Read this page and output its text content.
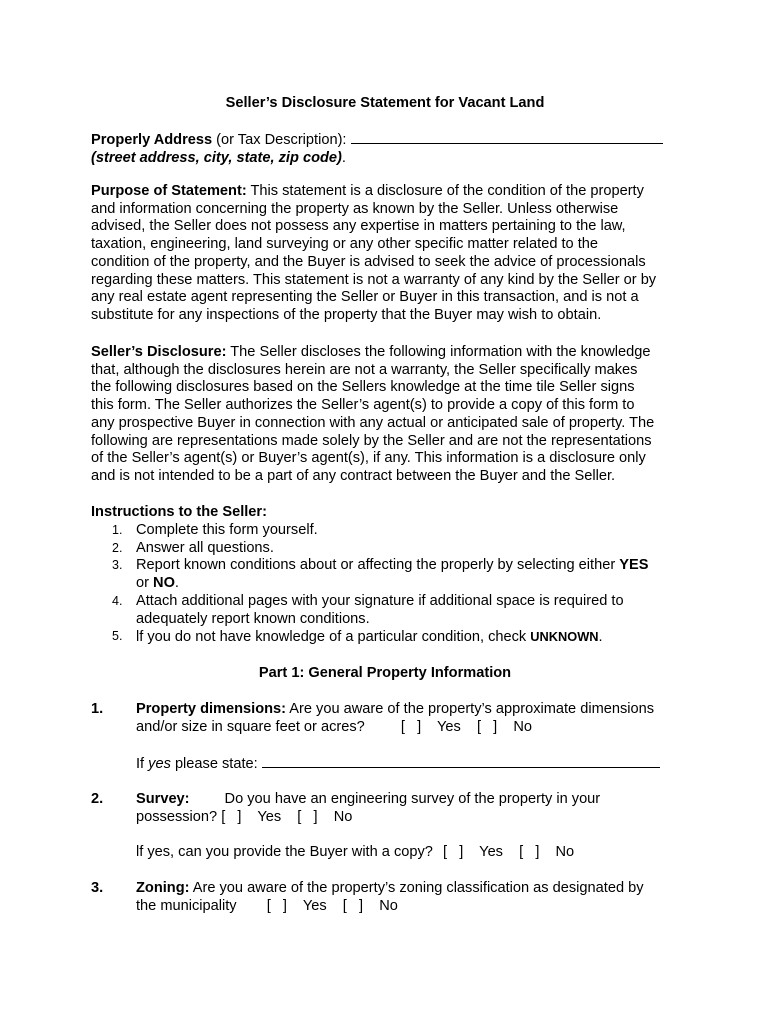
Seller’s Disclosure Statement for Vacant Land

Properly Address (or Tax Description):
(street address, city, state, zip code).
Purpose of Statement: This statement is a disclosure of the condition of the property
and information concerning the property as known by the Seller. Unless otherwise
advised, the Seller does not possess any expertise in matters pertaining to the law,
taxation, engineering, land surveying or any other specific matter related to the
condition of the property, and the Buyer is advised to seek the advice of processionals
regarding these matters. This statement is not a warranty of any kind by the Seller or by
any real estate agent representing the Seller or Buyer in this transaction, and is not a
substitute for any inspections of the property that the Buyer may wish to obtain.
Seller’s Disclosure: The Seller discloses the following information with the knowledge
that, although the disclosures herein are not a warranty, the Seller specifically makes
the following disclosures based on the Sellers knowledge at the time tile Seller signs
this form. The Seller authorizes the Seller’s agent(s) to provide a copy of this form to
any prospective Buyer in connection with any actual or anticipated sale of property. The
following are representations made solely by the Seller and are not the representations
of the Seller’s agent(s) or Buyer’s agent(s), if any. This information is a disclosure only
and is not intended to be a part of any contract between the Buyer and the Seller.
Instructions to the Seller:
1. Complete this form yourself.
2. Answer all questions.
3. Report known conditions about or affecting the properly by selecting either YES
or NO.
4. Attach additional pages with your signature if additional space is required to
adequately report known conditions.
5. lf you do not have knowledge of a particular condition, check UNKNOWN.

Part 1: General Property Information

1. Property dimensions: Are you aware of the property’s approximate dimensions
and/or size in square feet or acres? [   ] Yes [   ] No
If yes please state:
2. Survey: Do you have an engineering survey of the property in your
possession? [   ] Yes [   ] No
lf yes, can you provide the Buyer with a copy? [   ] Yes [   ] No
3. Zoning: Are you aware of the property’s zoning classification as designated by
the municipality [   ] Yes [   ] No
